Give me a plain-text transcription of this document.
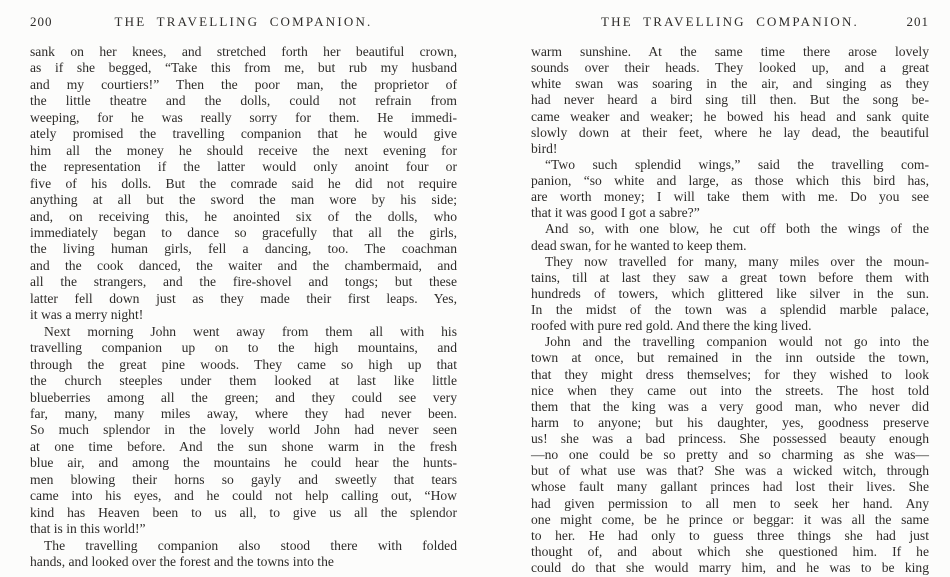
200	THE TRAVELLING COMPANION.
sank on her knees, and stretched forth her beautiful crown,
as if she begged, “Take this from me, but rub my husband
and my courtiers!” Then the poor man, the proprietor of
the little theatre and the dolls, could not refrain from
weeping, for he was really sorry for them. He immedi-
ately promised the travelling companion that he would give
him all the money he should receive the next evening for
the representation if the latter would only anoint four or
five of his dolls. But the comrade said he did not require
anything at all but the sword the man wore by his side;
and, on receiving this, he anointed six of the dolls, who
immediately began to dance so gracefully that all the girls,
the living human girls, fell a dancing, too. The coachman
and the cook danced, the waiter and the chambermaid, and
all the strangers, and the fire-shovel and tongs; but these
latter fell down just as they made their first leaps. Yes,
it was a merry night!
Next morning John went away from them all with his
travelling companion up on to the high mountains, and
through the great pine woods. They came so high up that
the church steeples under them looked at last like little
blueberries among all the green; and they could see very
far, many, many miles away, where they had never been.
So much splendor in the lovely world John had never seen
at one time before. And the sun shone warm in the fresh
blue air, and among the mountains he could hear the hunts-
men blowing their horns so gayly and sweetly that tears
came into his eyes, and he could not help calling out, “How
kind has Heaven been to us all, to give us all the splendor
that is in this world!”
The travelling companion also stood there with folded
hands, and looked over the forest and the towns into the
THE TRAVELLING COMPANION.	201
warm sunshine. At the same time there arose lovely
sounds over their heads. They looked up, and a great
white swan was soaring in the air, and singing as they
had never heard a bird sing till then. But the song be-
came weaker and weaker; he bowed his head and sank quite
slowly down at their feet, where he lay dead, the beautiful
bird!
“Two such splendid wings,” said the travelling com-
panion, “so white and large, as those which this bird has,
are worth money; I will take them with me. Do you see
that it was good I got a sabre?”
And so, with one blow, he cut off both the wings of the
dead swan, for he wanted to keep them.
They now travelled for many, many miles over the moun-
tains, till at last they saw a great town before them with
hundreds of towers, which glittered like silver in the sun.
In the midst of the town was a splendid marble palace,
roofed with pure red gold. And there the king lived.
John and the travelling companion would not go into the
town at once, but remained in the inn outside the town,
that they might dress themselves; for they wished to look
nice when they came out into the streets. The host told
them that the king was a very good man, who never did
harm to anyone; but his daughter, yes, goodness preserve
us! she was a bad princess. She possessed beauty enough
—no one could be so pretty and so charming as she was—
but of what use was that? She was a wicked witch, through
whose fault many gallant princes had lost their lives. She
had given permission to all men to seek her hand. Any
one might come, be he prince or beggar: it was all the same
to her. He had only to guess three things she had just
thought of, and about which she questioned him. If he
could do that she would marry him, and he was to be king
